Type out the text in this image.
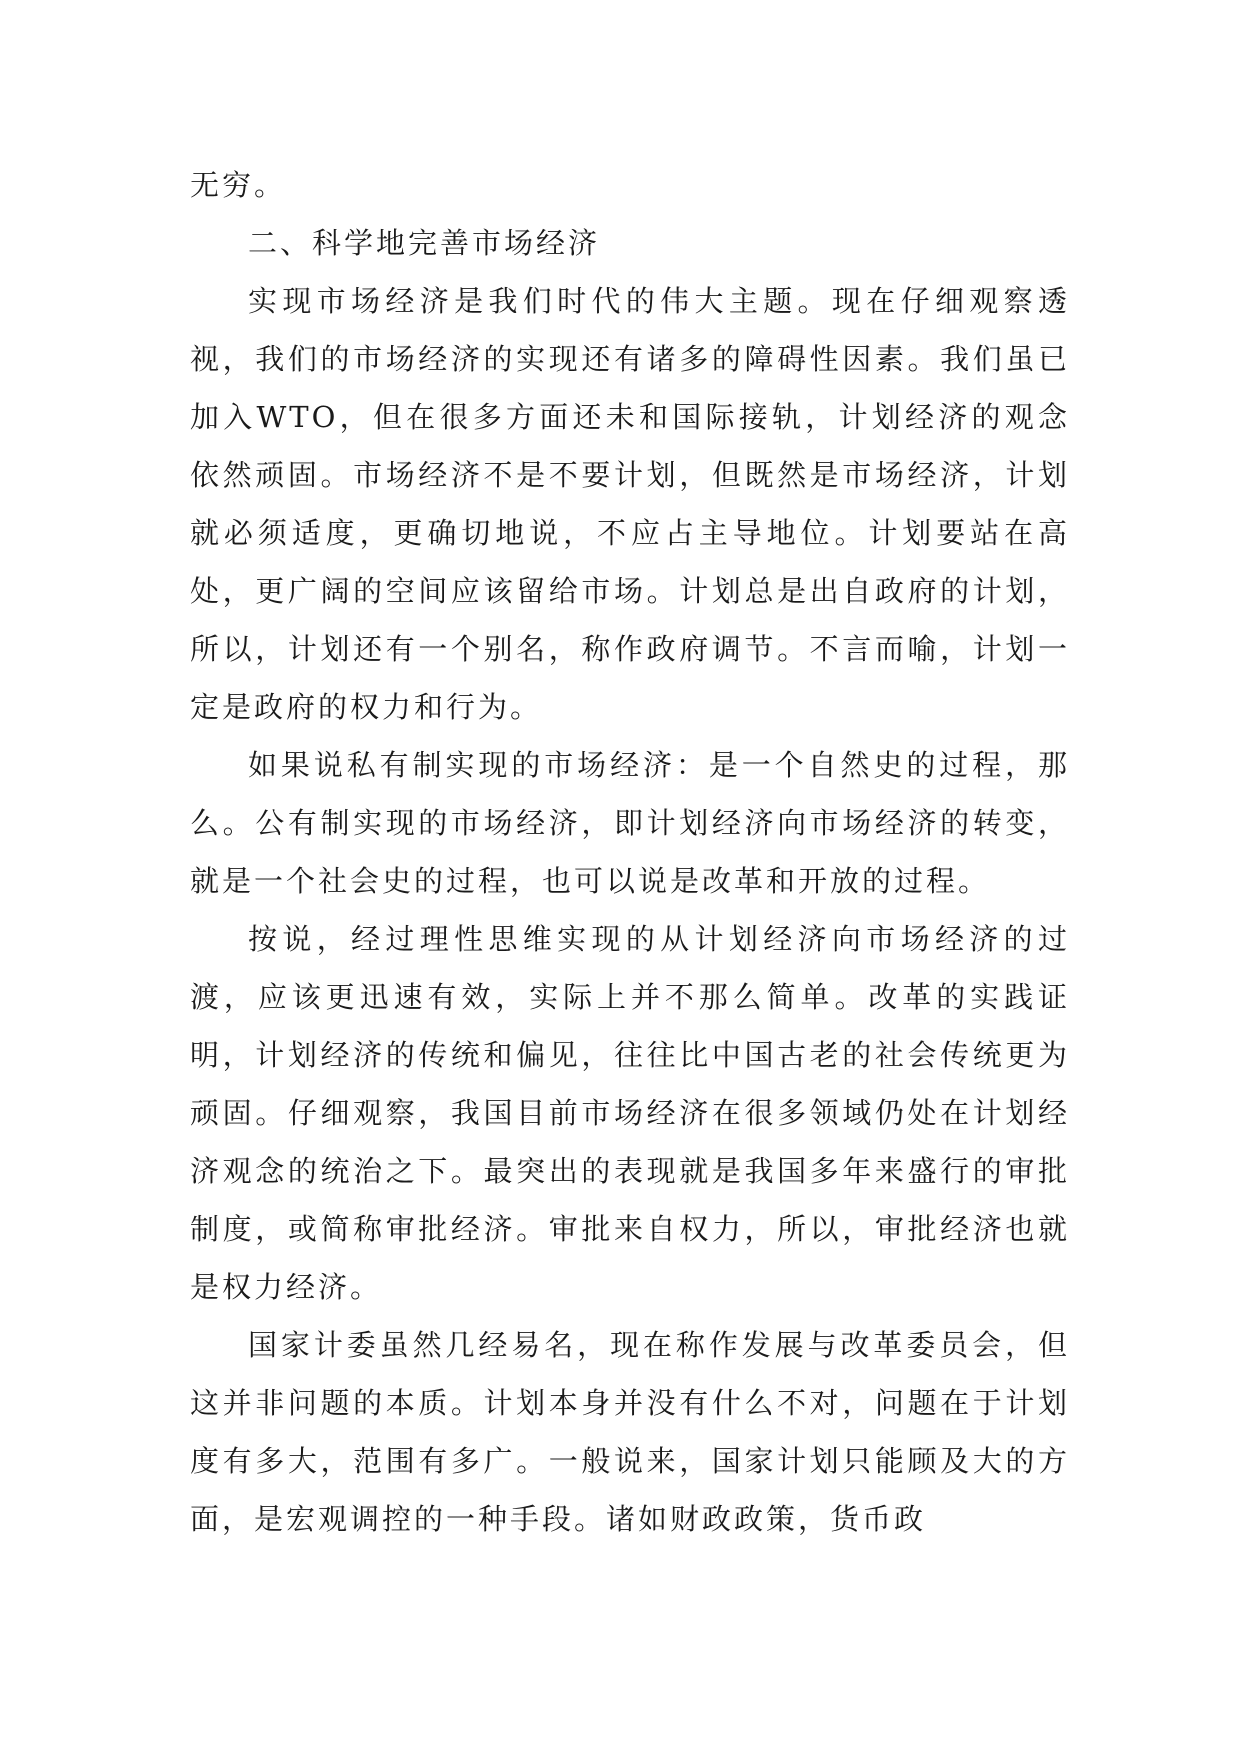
无穷。

二、科学地完善市场经济

实现市场经济是我们时代的伟大主题。现在仔细观察透视，我们的市场经济的实现还有诸多的障碍性因素。我们虽已加入WTO，但在很多方面还未和国际接轨，计划经济的观念依然顽固。市场经济不是不要计划，但既然是市场经济，计划就必须适度，更确切地说，不应占主导地位。计划要站在高处，更广阔的空间应该留给市场。计划总是出自政府的计划，所以，计划还有一个别名，称作政府调节。不言而喻，计划一定是政府的权力和行为。

如果说私有制实现的市场经济：是一个自然史的过程，那么。公有制实现的市场经济，即计划经济向市场经济的转变，就是一个社会史的过程，也可以说是改革和开放的过程。

按说，经过理性思维实现的从计划经济向市场经济的过渡，应该更迅速有效，实际上并不那么简单。改革的实践证明，计划经济的传统和偏见，往往比中国古老的社会传统更为顽固。仔细观察，我国目前市场经济在很多领域仍处在计划经济观念的统治之下。最突出的表现就是我国多年来盛行的审批制度，或简称审批经济。审批来自权力，所以，审批经济也就是权力经济。

国家计委虽然几经易名，现在称作发展与改革委员会，但这并非问题的本质。计划本身并没有什么不对，问题在于计划度有多大，范围有多广。一般说来，国家计划只能顾及大的方面，是宏观调控的一种手段。诸如财政政策，货币政
